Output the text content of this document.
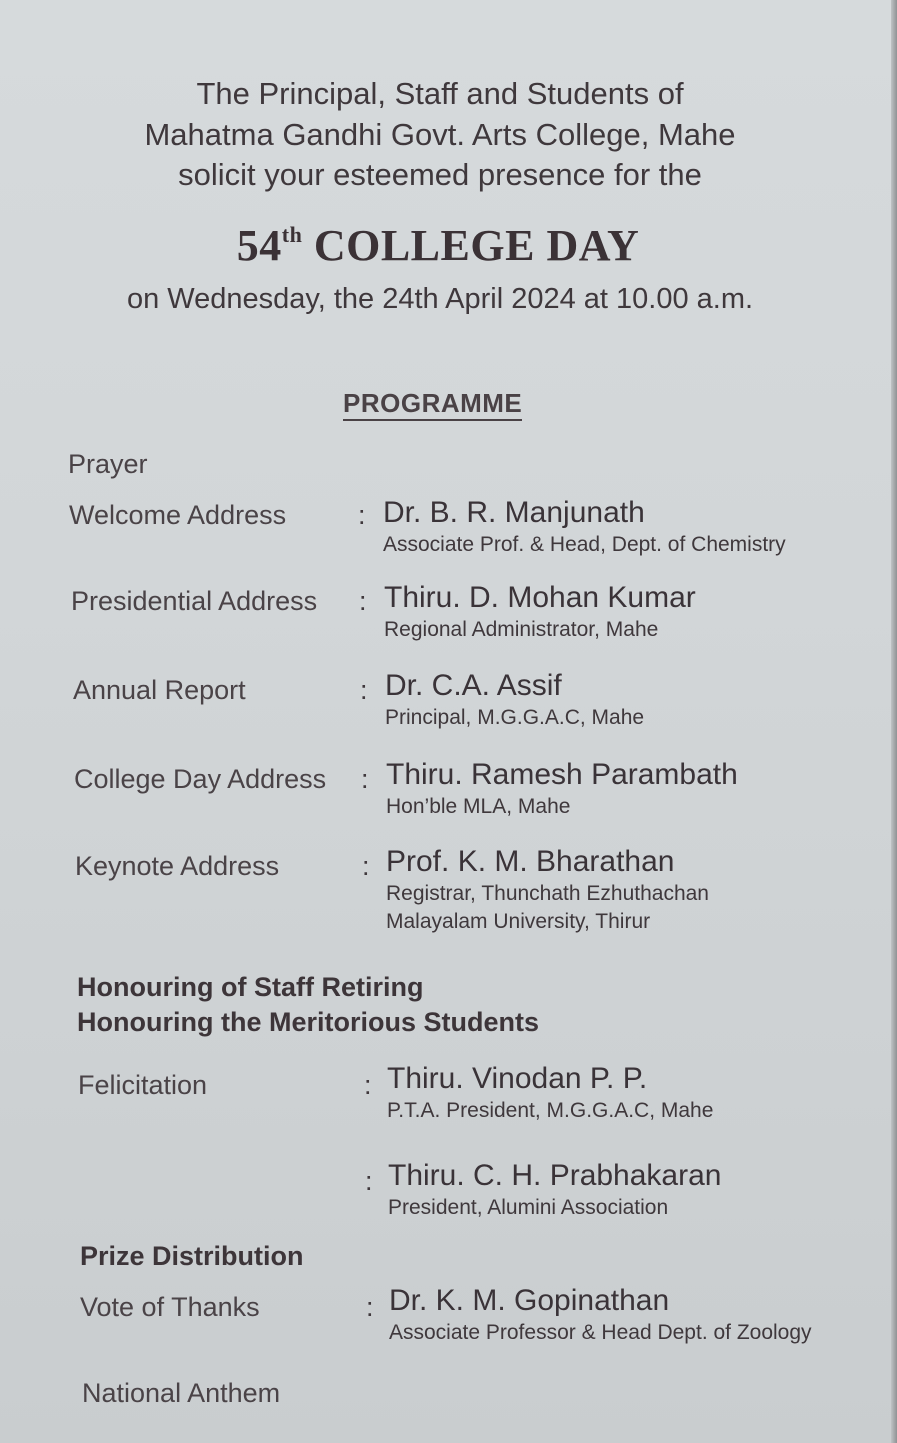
The Principal, Staff and Students of
Mahatma Gandhi Govt. Arts College, Mahe
solicit your esteemed presence for the
54th COLLEGE DAY
on Wednesday, the 24th April 2024 at 10.00 a.m.
PROGRAMME
Prayer
Welcome Address	: Dr. B. R. Manjunath
Associate Prof. & Head, Dept. of Chemistry
Presidential Address : Thiru. D. Mohan Kumar
Regional Administrator, Mahe
Annual Report	: Dr. C.A. Assif
Principal, M.G.G.A.C, Mahe
College Day Address : Thiru. Ramesh Parambath
Hon’ble MLA, Mahe
Keynote Address	: Prof. K. M. Bharathan
Registrar, Thunchath Ezhuthachan
Malayalam University, Thirur
Honouring of Staff Retiring
Honouring the Meritorious Students
Felicitation	: Thiru. Vinodan P. P.
P.T.A. President, M.G.G.A.C, Mahe
: Thiru. C. H. Prabhakaran
President, Alumini Association
Prize Distribution
Vote of Thanks	: Dr. K. M. Gopinathan
Associate Professor & Head Dept. of Zoology
National Anthem
